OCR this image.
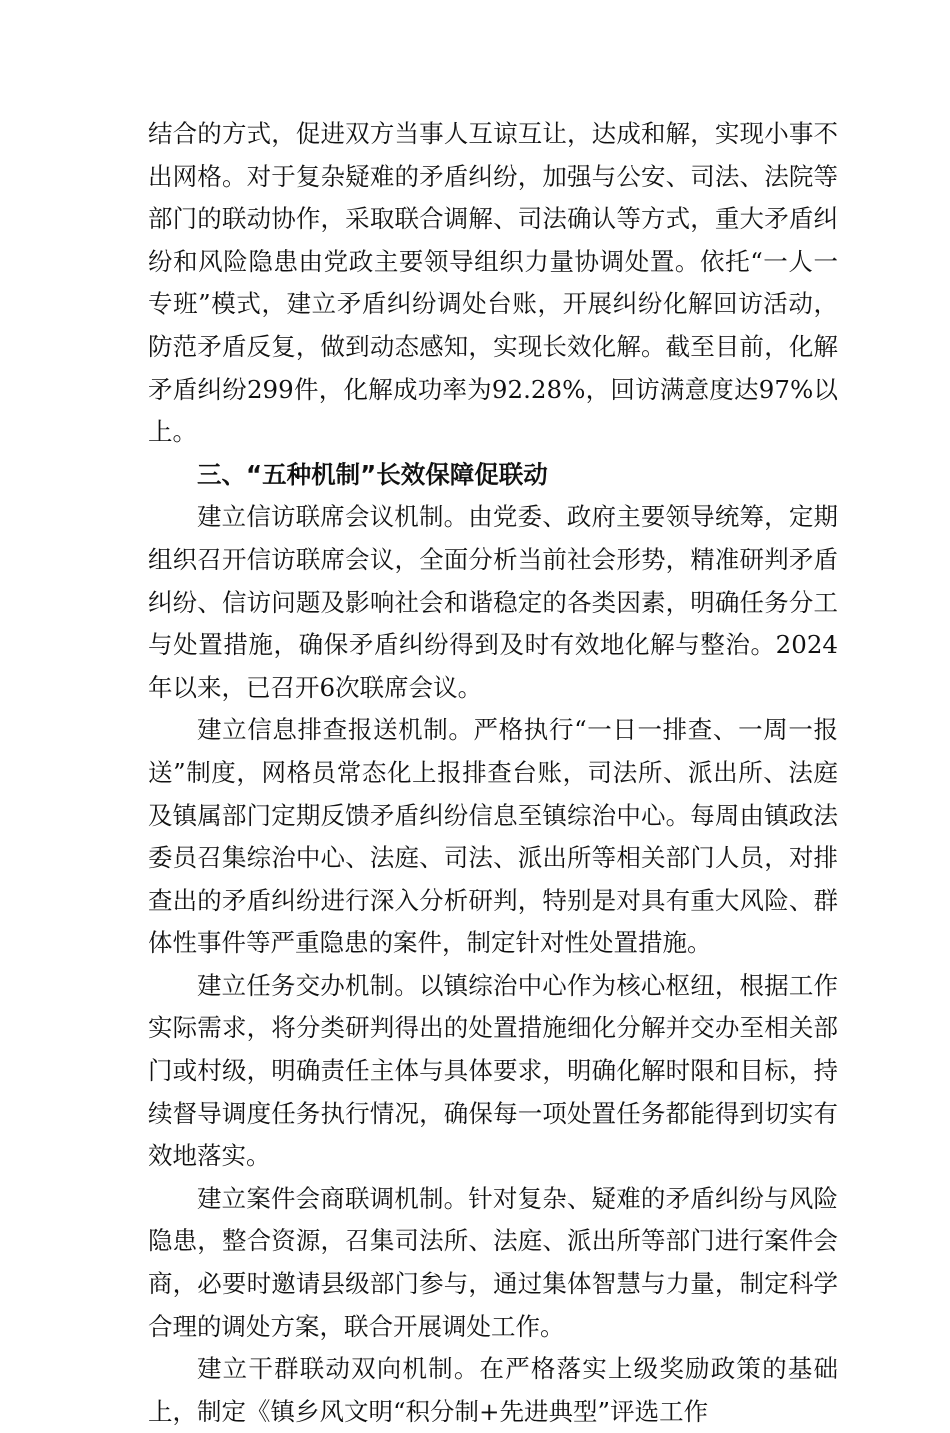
结合的方式，促进双方当事人互谅互让，达成和解，实现小事不出网格。对于复杂疑难的矛盾纠纷，加强与公安、司法、法院等部门的联动协作，采取联合调解、司法确认等方式，重大矛盾纠纷和风险隐患由党政主要领导组织力量协调处置。依托“一人一专班”模式，建立矛盾纠纷调处台账，开展纠纷化解回访活动，防范矛盾反复，做到动态感知，实现长效化解。截至目前，化解矛盾纠纷299件，化解成功率为92.28%，回访满意度达97%以上。

三、“五种机制”长效保障促联动

建立信访联席会议机制。由党委、政府主要领导统筹，定期组织召开信访联席会议，全面分析当前社会形势，精准研判矛盾纠纷、信访问题及影响社会和谐稳定的各类因素，明确任务分工与处置措施，确保矛盾纠纷得到及时有效地化解与整治。2024年以来，已召开6次联席会议。

建立信息排查报送机制。严格执行“一日一排查、一周一报送”制度，网格员常态化上报排查台账，司法所、派出所、法庭及镇属部门定期反馈矛盾纠纷信息至镇综治中心。每周由镇政法委员召集综治中心、法庭、司法、派出所等相关部门人员，对排查出的矛盾纠纷进行深入分析研判，特别是对具有重大风险、群体性事件等严重隐患的案件，制定针对性处置措施。

建立任务交办机制。以镇综治中心作为核心枢纽，根据工作实际需求，将分类研判得出的处置措施细化分解并交办至相关部门或村级，明确责任主体与具体要求，明确化解时限和目标，持续督导调度任务执行情况，确保每一项处置任务都能得到切实有效地落实。

建立案件会商联调机制。针对复杂、疑难的矛盾纠纷与风险隐患，整合资源，召集司法所、法庭、派出所等部门进行案件会商，必要时邀请县级部门参与，通过集体智慧与力量，制定科学合理的调处方案，联合开展调处工作。

建立干群联动双向机制。在严格落实上级奖励政策的基础上，制定《镇乡风文明“积分制+先进典型”评选工作
